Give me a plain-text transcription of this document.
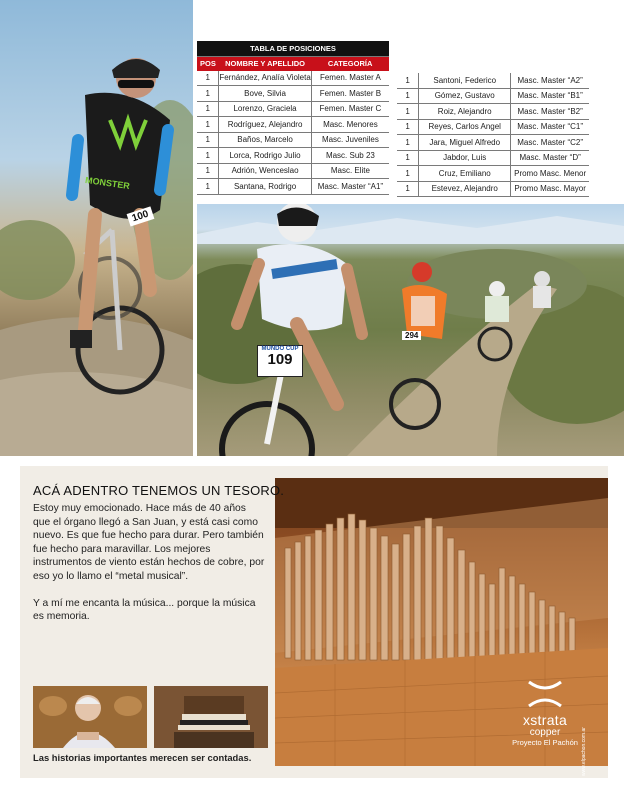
MONSTER
100
TABLA DE POSICIONES		
POS	NOMBRE Y APELLIDO	CATEGORÍA
1	Fernández, Analía Violeta	Femen. Master A
1	Bove, Silvia	Femen. Master B
1	Lorenzo, Graciela	Femen. Master C
1	Rodríguez, Alejandro	Masc. Menores
1	Baños, Marcelo	Masc. Juveniles
1	Lorca, Rodrigo Julio	Masc. Sub 23
1	Adrión, Wenceslao	Masc. Elite
1	Santana, Rodrigo	Masc. Master “A1”
1	Santoni, Federico	Masc. Master “A2”
1	Gómez, Gustavo	Masc. Master “B1”
1	Roiz, Alejandro	Masc. Master “B2”
1	Reyes, Carlos Angel	Masc. Master “C1”
1	Jara, Miguel Alfredo	Masc. Master “C2”
1	Jabdor, Luis	Masc. Master “D”
1	Cruz, Emiliano	Promo Masc. Menor
1	Estevez, Alejandro	Promo Masc. Mayor
MUNDO CUP
109
294
ACÁ ADENTRO TENEMOS UN TESORO.

Estoy muy emocionado. Hace más de 40 años que el órgano llegó a San Juan, y está casi como nuevo. Es que fue hecho para durar. Pero también fue hecho para maravillar. Los mejores instrumentos de viento están hechos de cobre, por eso yo lo llamo el “metal musical”.

Y a mí me encanta la música... porque la música es memoria.

Las historias importantes merecen ser contadas.
xstrata
copper
Proyecto El Pachón www.elpachon.com.ar
